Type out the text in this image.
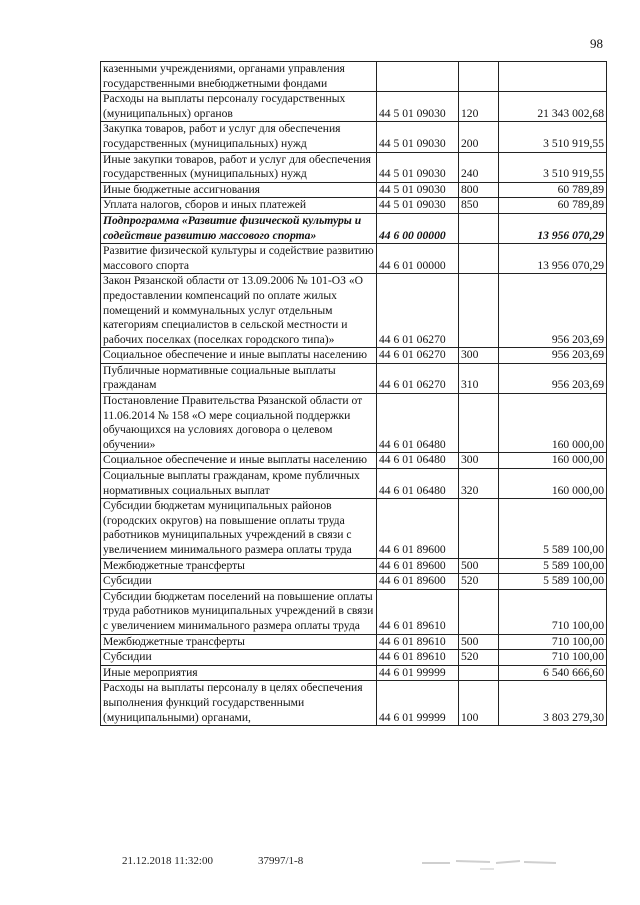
98
казенными учреждениями, органами управления государственными внебюджетными фондами			
Расходы на выплаты персоналу государственных (муниципальных) органов	44 5 01 09030	120	21 343 002,68
Закупка товаров, работ и услуг для обеспечения государственных (муниципальных) нужд	44 5 01 09030	200	3 510 919,55
Иные закупки товаров, работ и услуг для обеспечения государственных (муниципальных) нужд	44 5 01 09030	240	3 510 919,55
Иные бюджетные ассигнования	44 5 01 09030	800	60 789,89
Уплата налогов, сборов и иных платежей	44 5 01 09030	850	60 789,89
Подпрограмма «Развитие физической культуры и содействие развитию массового спорта»	44 6 00 00000		13 956 070,29
Развитие физической культуры и содействие развитию массового спорта	44 6 01 00000		13 956 070,29
Закон Рязанской области от 13.09.2006 № 101-ОЗ «О предоставлении компенсаций по оплате жилых помещений и коммунальных услуг отдельным категориям специалистов в сельской местности и рабочих поселках (поселках городского типа)»	44 6 01 06270		956 203,69
Социальное обеспечение и иные выплаты населению	44 6 01 06270	300	956 203,69
Публичные нормативные социальные выплаты гражданам	44 6 01 06270	310	956 203,69
Постановление Правительства Рязанской области от 11.06.2014 № 158 «О мере социальной поддержки обучающихся на условиях договора о целевом обучении»	44 6 01 06480		160 000,00
Социальное обеспечение и иные выплаты населению	44 6 01 06480	300	160 000,00
Социальные выплаты гражданам, кроме публичных нормативных социальных выплат	44 6 01 06480	320	160 000,00
Субсидии бюджетам муниципальных районов (городских округов) на повышение оплаты труда работников муниципальных учреждений в связи с увеличением минимального размера оплаты труда	44 6 01 89600		5 589 100,00
Межбюджетные трансферты	44 6 01 89600	500	5 589 100,00
Субсидии	44 6 01 89600	520	5 589 100,00
Субсидии бюджетам поселений на повышение оплаты труда работников муниципальных учреждений в связи с увеличением минимального размера оплаты труда	44 6 01 89610		710 100,00
Межбюджетные трансферты	44 6 01 89610	500	710 100,00
Субсидии	44 6 01 89610	520	710 100,00
Иные мероприятия	44 6 01 99999		6 540 666,60
Расходы на выплаты персоналу в целях обеспечения выполнения функций государственными (муниципальными) органами,	44 6 01 99999	100	3 803 279,30
21.12.2018 11:32:00	37997/1-8
